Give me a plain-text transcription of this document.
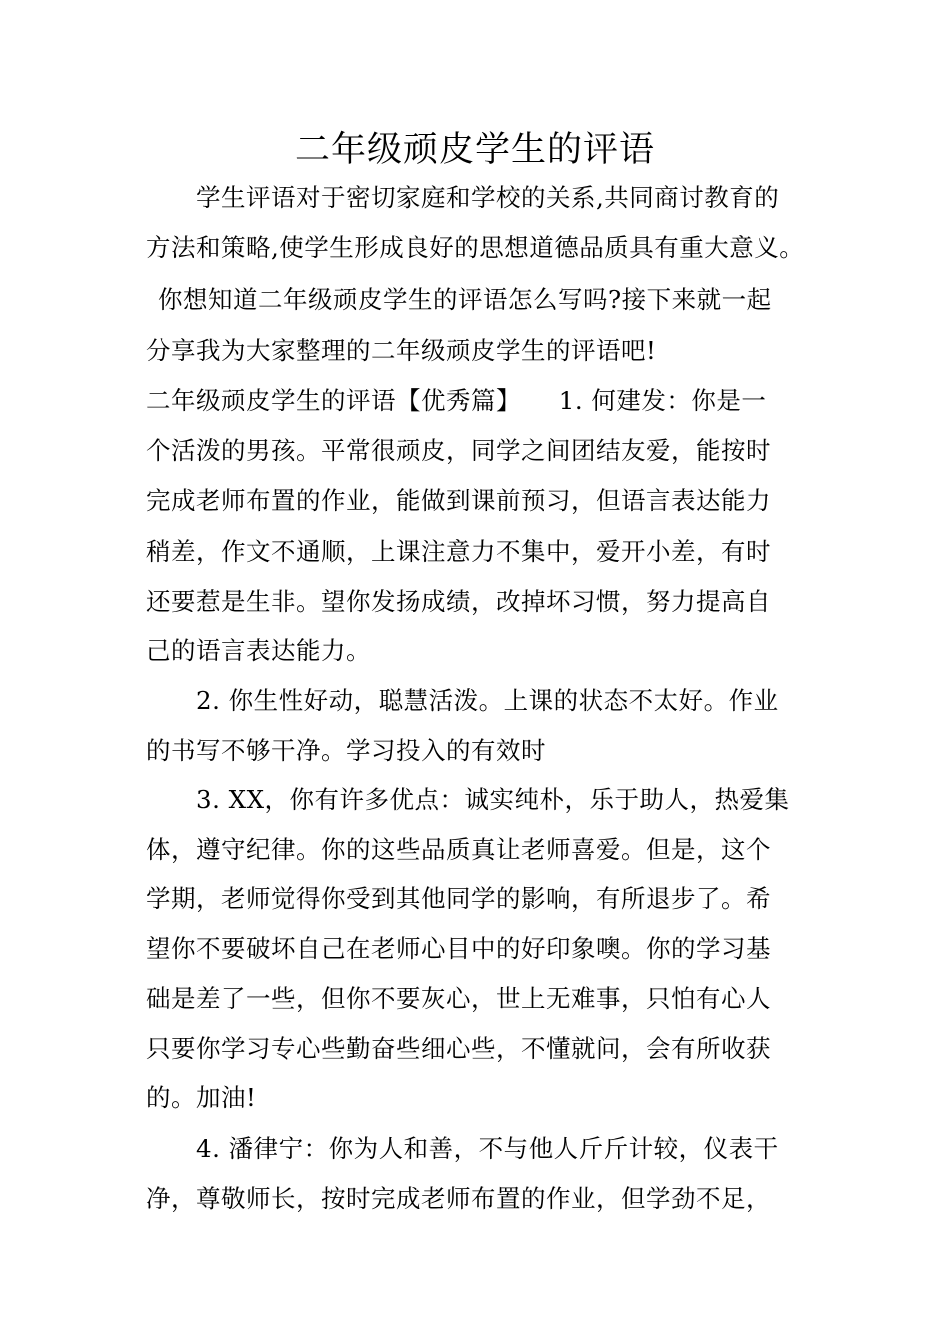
二年级顽皮学生的评语
学生评语对于密切家庭和学校的关系,共同商讨教育的
方法和策略,使学生形成良好的思想道德品质具有重大意义。
你想知道二年级顽皮学生的评语怎么写吗?接下来就一起
分享我为大家整理的二年级顽皮学生的评语吧!
二年级顽皮学生的评语【优秀篇】　　1. 何建发：你是一
个活泼的男孩。平常很顽皮，同学之间团结友爱，能按时
完成老师布置的作业，能做到课前预习，但语言表达能力
稍差，作文不通顺，上课注意力不集中，爱开小差，有时
还要惹是生非。望你发扬成绩，改掉坏习惯，努力提高自
己的语言表达能力。
2. 你生性好动，聪慧活泼。上课的状态不太好。作业
的书写不够干净。学习投入的有效时
3. XX，你有许多优点：诚实纯朴，乐于助人，热爱集
体，遵守纪律。你的这些品质真让老师喜爱。但是，这个
学期，老师觉得你受到其他同学的影响，有所退步了。希
望你不要破坏自己在老师心目中的好印象噢。你的学习基
础是差了一些，但你不要灰心，世上无难事，只怕有心人
只要你学习专心些勤奋些细心些，不懂就问，会有所收获
的。加油!
4. 潘律宁：你为人和善，不与他人斤斤计较，仪表干
净，尊敬师长，按时完成老师布置的作业，但学劲不足，
